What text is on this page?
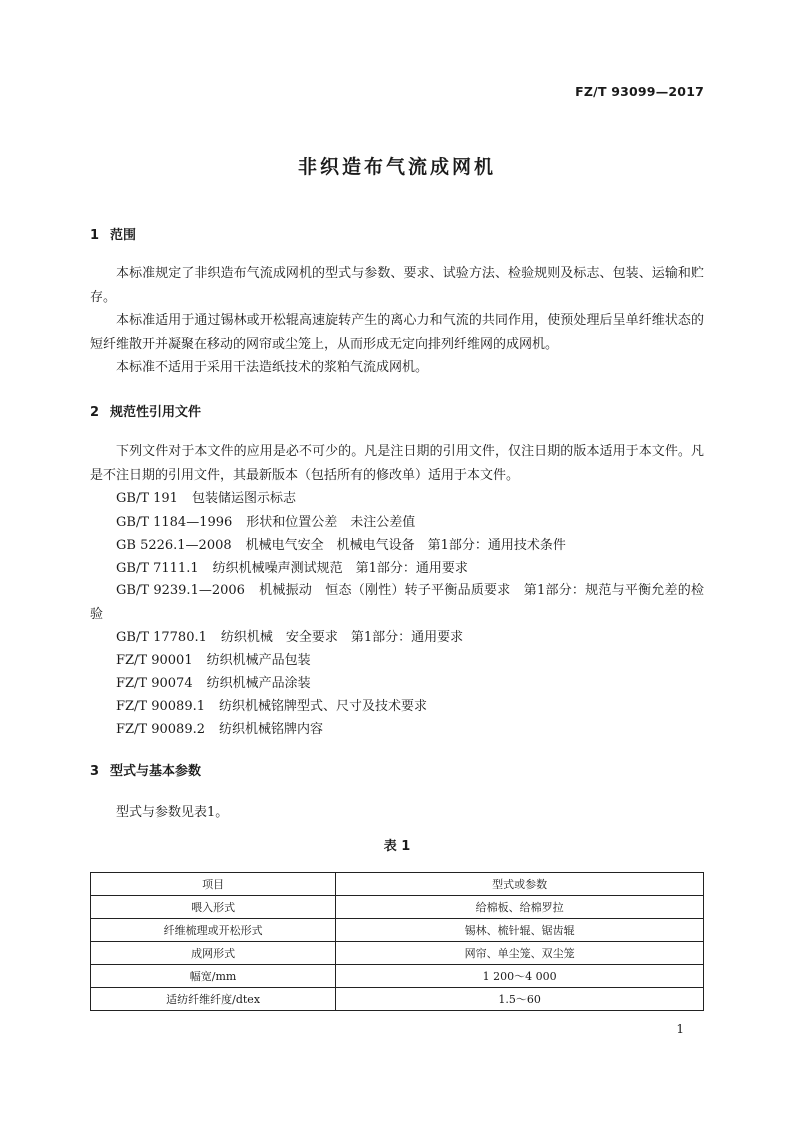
FZ/T 93099—2017
非织造布气流成网机
1 范围
本标准规定了非织造布气流成网机的型式与参数、要求、试验方法、检验规则及标志、包装、运输和贮存。
本标准适用于通过锡林或开松辊高速旋转产生的离心力和气流的共同作用，使预处理后呈单纤维状态的短纤维散开并凝聚在移动的网帘或尘笼上，从而形成无定向排列纤维网的成网机。
本标准不适用于采用干法造纸技术的浆粕气流成网机。
2 规范性引用文件
下列文件对于本文件的应用是必不可少的。凡是注日期的引用文件，仅注日期的版本适用于本文件。凡是不注日期的引用文件，其最新版本（包括所有的修改单）适用于本文件。
GB/T 191 包装储运图示标志
GB/T 1184—1996 形状和位置公差　未注公差值
GB 5226.1—2008 机械电气安全　机械电气设备　第1部分：通用技术条件
GB/T 7111.1 纺织机械噪声测试规范　第1部分：通用要求
GB/T 9239.1—2006 机械振动　恒态（刚性）转子平衡品质要求　第1部分：规范与平衡允差的检验
GB/T 17780.1 纺织机械　安全要求　第1部分：通用要求
FZ/T 90001 纺织机械产品包装
FZ/T 90074 纺织机械产品涂装
FZ/T 90089.1 纺织机械铭牌型式、尺寸及技术要求
FZ/T 90089.2 纺织机械铭牌内容
3 型式与基本参数
型式与参数见表1。
表 1
项目	型式或参数
喂入形式	给棉板、给棉罗拉
纤维梳理或开松形式	锡林、梳针辊、锯齿辊
成网形式	网帘、单尘笼、双尘笼
幅宽/mm	1 200～4 000
适纺纤维纤度/dtex	1.5～60
1
